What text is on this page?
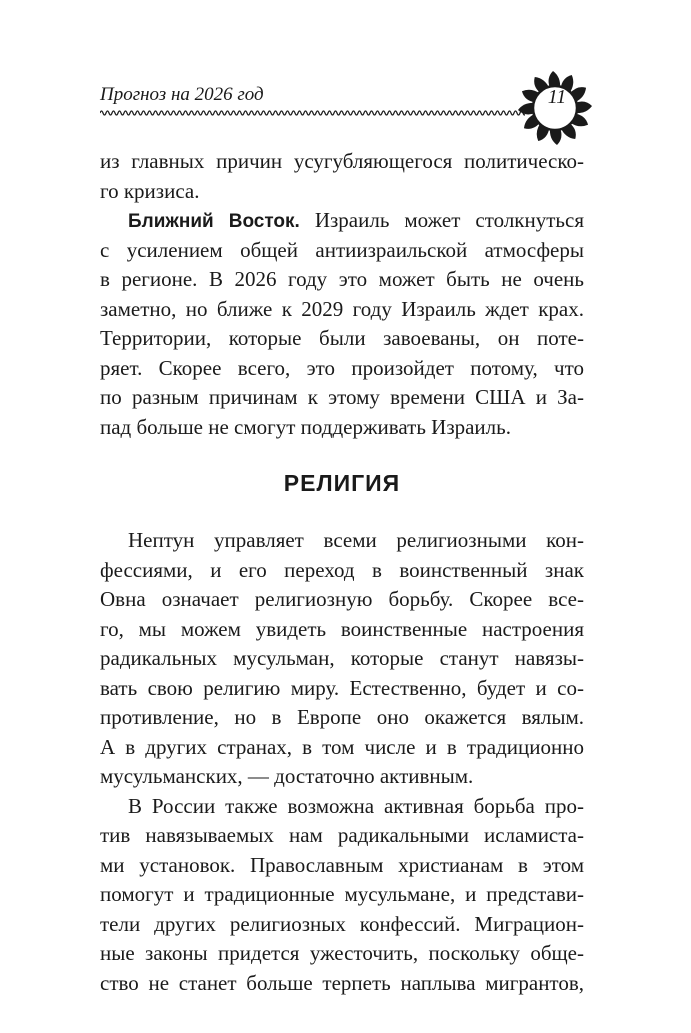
Прогноз на 2026 год	11
из главных причин усугубляющегося политическо-
го кризиса.
Ближний Восток. Израиль может столкнуться
с усилением общей антиизраильской атмосферы
в регионе. В 2026 году это может быть не очень
заметно, но ближе к 2029 году Израиль ждет крах.
Территории, которые были завоеваны, он поте-
ряет. Скорее всего, это произойдет потому, что
по разным причинам к этому времени США и За-
пад больше не смогут поддерживать Израиль.
РЕЛИГИЯ
Нептун управляет всеми религиозными кон-
фессиями, и его переход в воинственный знак
Овна означает религиозную борьбу. Скорее все-
го, мы можем увидеть воинственные настроения
радикальных мусульман, которые станут навязы-
вать свою религию миру. Естественно, будет и со-
противление, но в Европе оно окажется вялым.
А в других странах, в том числе и в традиционно
мусульманских, — достаточно активным.
В России также возможна активная борьба про-
тив навязываемых нам радикальными исламиста-
ми установок. Православным христианам в этом
помогут и традиционные мусульмане, и представи-
тели других религиозных конфессий. Миграцион-
ные законы придется ужесточить, поскольку обще-
ство не станет больше терпеть наплыва мигрантов,
